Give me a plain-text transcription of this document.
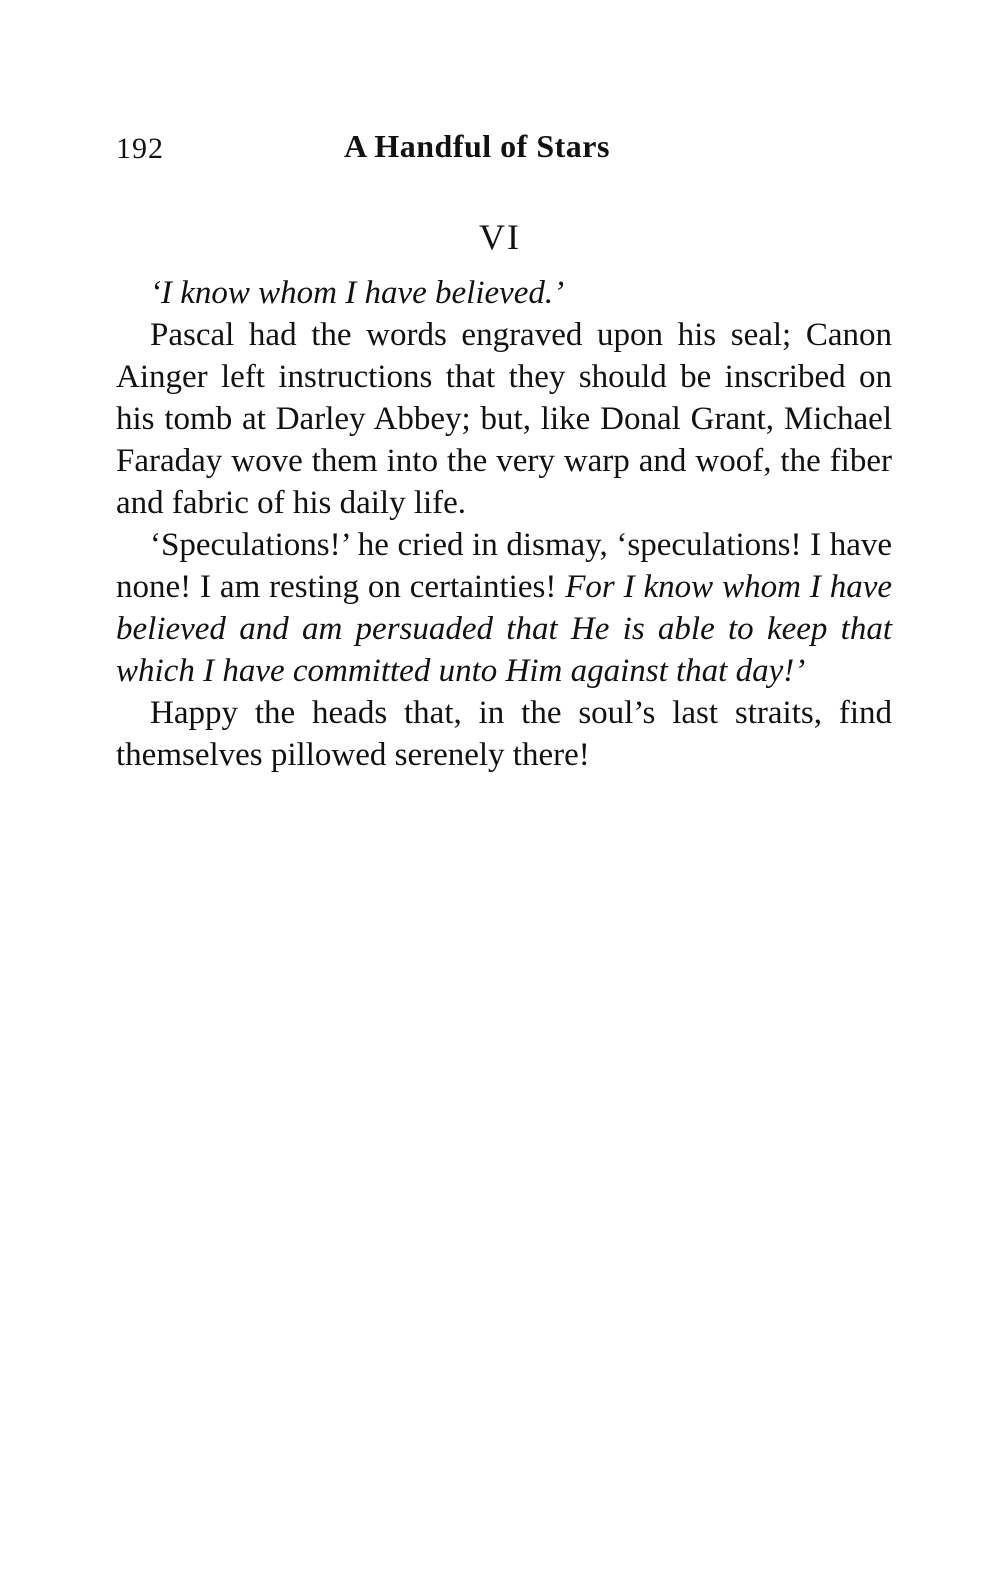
192	A Handful of Stars
VI

‘I know whom I have believed.’

Pascal had the words engraved upon his seal; Canon Ainger left instructions that they should be inscribed on his tomb at Darley Abbey; but, like Donal Grant, Michael Faraday wove them into the very warp and woof, the fiber and fabric of his daily life.

‘Speculations!’ he cried in dismay, ‘speculations! I have none! I am resting on certainties! For I know whom I have believed and am persuaded that He is able to keep that which I have committed unto Him against that day!’

Happy the heads that, in the soul’s last straits, find themselves pillowed serenely there!
